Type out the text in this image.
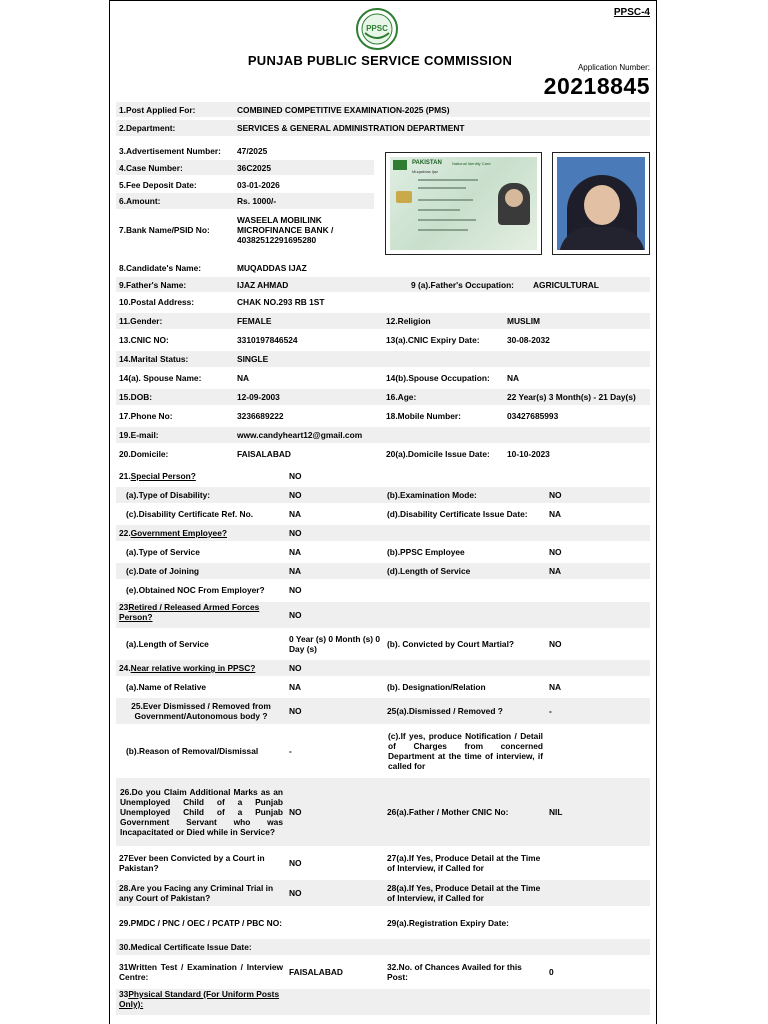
PPSC-4
PPSC
PUNJAB PUBLIC SERVICE COMMISSION	Application Number:
20218845
1.Post Applied For:	COMBINED COMPETITIVE EXAMINATION-2025 (PMS)
2.Department:	SERVICES & GENERAL ADMINISTRATION DEPARTMENT
3.Advertisement Number:	47/2025
4.Case Number:	36C2025
5.Fee Deposit Date:	03-01-2026
6.Amount:	Rs. 1000/-
7.Bank Name/PSID No:
WASEELA MOBILINK MICROFINANCE BANK / 40382512291695280
PAKISTAN	National Identity Card
Muqaddas Ijaz
8.Candidate's Name:	MUQADDAS IJAZ
9.Father's Name:	IJAZ AHMAD	9 (a).Father's Occupation:	AGRICULTURAL
10.Postal Address:	CHAK NO.293 RB 1ST
11.Gender:	FEMALE	12.Religion	MUSLIM
13.CNIC NO:	3310197846524	13(a).CNIC Expiry Date:	30-08-2032
14.Marital Status:	SINGLE
14(a). Spouse Name:	NA	14(b).Spouse Occupation:	NA
15.DOB:	12-09-2003	16.Age:	22 Year(s) 3 Month(s) - 21 Day(s)
17.Phone No:	3236689222	18.Mobile Number:	03427685993
19.E-mail:	www.candyheart12@gmail.com
20.Domicile:	FAISALABAD	20(a).Domicile Issue Date:	10-10-2023
21. Special Person?	NO
(a).Type of Disability:	NO	(b).Examination Mode:	NO
(c).Disability Certificate Ref. No.	NA	(d).Disability Certificate Issue Date:	NA
22. Government Employee?	NO
(a).Type of Service	NA	(b).PPSC Employee	NO
(c).Date of Joining	NA	(d).Length of Service	NA
(e).Obtained NOC From Employer?	NO
23Retired / Released Armed Forces Person?	NO
(a).Length of Service	0 Year (s) 0 Month (s) 0 Day (s)	(b). Convicted by Court Martial?	NO
24. Near relative working in PPSC?	NO
(a).Name of Relative	NA	(b). Designation/Relation	NA
25.Ever Dismissed / Removed from Government/Autonomous body ?	NO	25(a).Dismissed / Removed ?	-
(b).Reason of Removal/Dismissal	-
(c).If yes, produce Notification / Detail of Charges from concerned Department at the time of interview, if called for
26.Do you Claim Additional Marks as an Unemployed Child of a Punjab Unemployed Child of a Punjab Government Servant who was Incapacitated or Died while in Service?
NO	26(a).Father / Mother CNIC No:	NIL
27Ever been Convicted by a Court in Pakistan?	NO	27(a).If Yes, Produce Detail at the Time of Interview, if Called for
28.Are you Facing any Criminal Trial in any Court of Pakistan?	NO	28(a).If Yes, Produce Detail at the Time of Interview, if Called for
29.PMDC / PNC / OEC / PCATP / PBC NO:	29(a).Registration Expiry Date:
30.Medical Certificate Issue Date:
31Written Test / Examination / Interview Centre:	FAISALABAD	32.No. of Chances Availed for this Post:	0
33Physical Standard (For Uniform Posts Only):
